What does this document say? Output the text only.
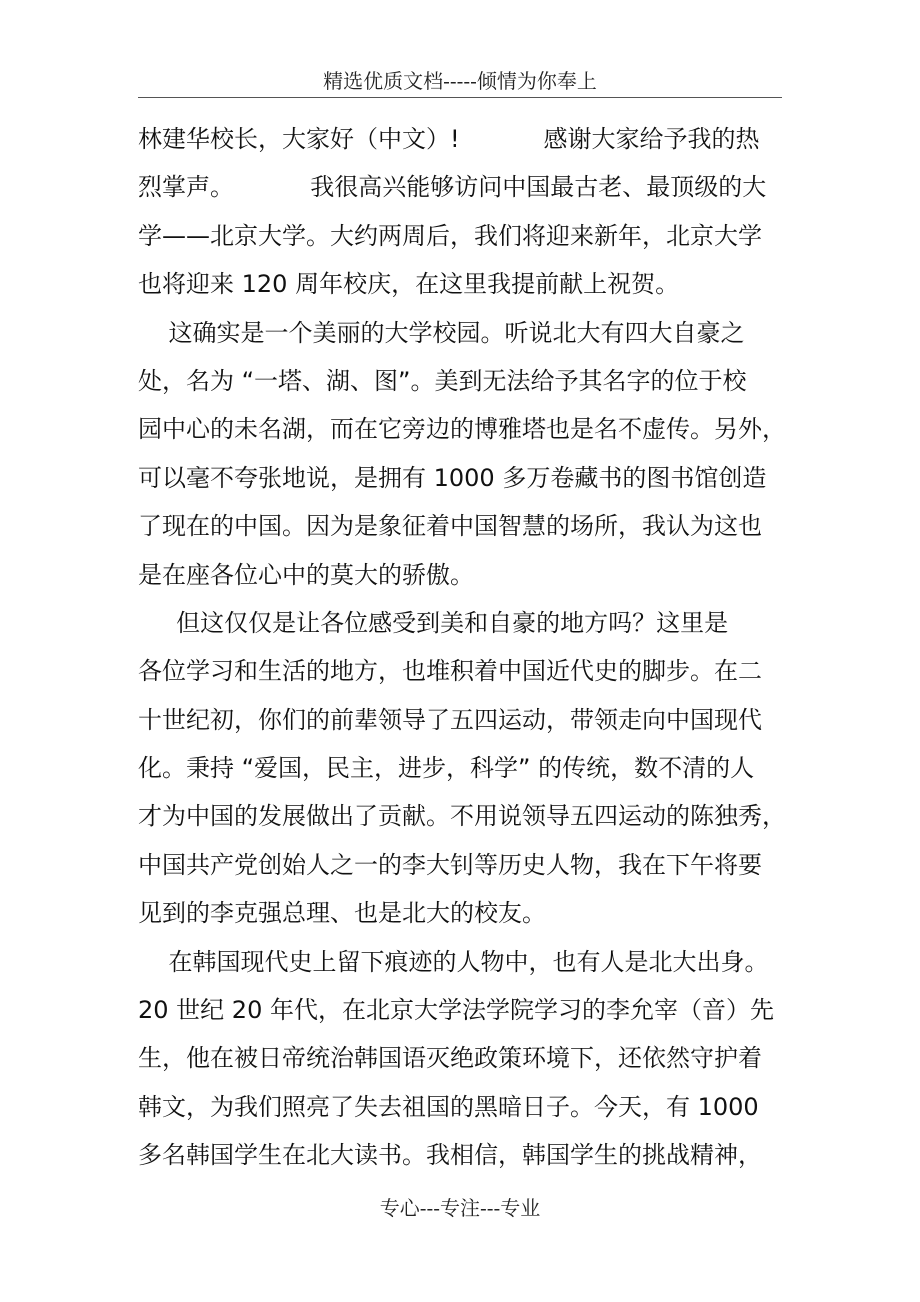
精选优质文档-----倾情为你奉上
林建华校长，大家好（中文）!           感谢大家给予我的热
烈掌声。          我很高兴能够访问中国最古老、最顶级的大
学——北京大学。大约两周后，我们将迎来新年，北京大学
也将迎来 120 周年校庆，在这里我提前献上祝贺。
这确实是一个美丽的大学校园。听说北大有四大自豪之
处，名为 “一塔、湖、图”。美到无法给予其名字的位于校
园中心的未名湖，而在它旁边的博雅塔也是名不虚传。另外，
可以毫不夸张地说，是拥有 1000 多万卷藏书的图书馆创造
了现在的中国。因为是象征着中国智慧的场所，我认为这也
是在座各位心中的莫大的骄傲。
但这仅仅是让各位感受到美和自豪的地方吗？这里是
各位学习和生活的地方，也堆积着中国近代史的脚步。在二
十世纪初，你们的前辈领导了五四运动，带领走向中国现代
化。秉持 “爱国，民主，进步，科学” 的传统，数不清的人
才为中国的发展做出了贡献。不用说领导五四运动的陈独秀，
中国共产党创始人之一的李大钊等历史人物，我在下午将要
见到的李克强总理、也是北大的校友。
在韩国现代史上留下痕迹的人物中，也有人是北大出身。
20 世纪 20 年代，在北京大学法学院学习的李允宰（音）先
生，他在被日帝统治韩国语灭绝政策环境下，还依然守护着
韩文，为我们照亮了失去祖国的黑暗日子。今天，有 1000
多名韩国学生在北大读书。我相信，韩国学生的挑战精神，
专心---专注---专业
